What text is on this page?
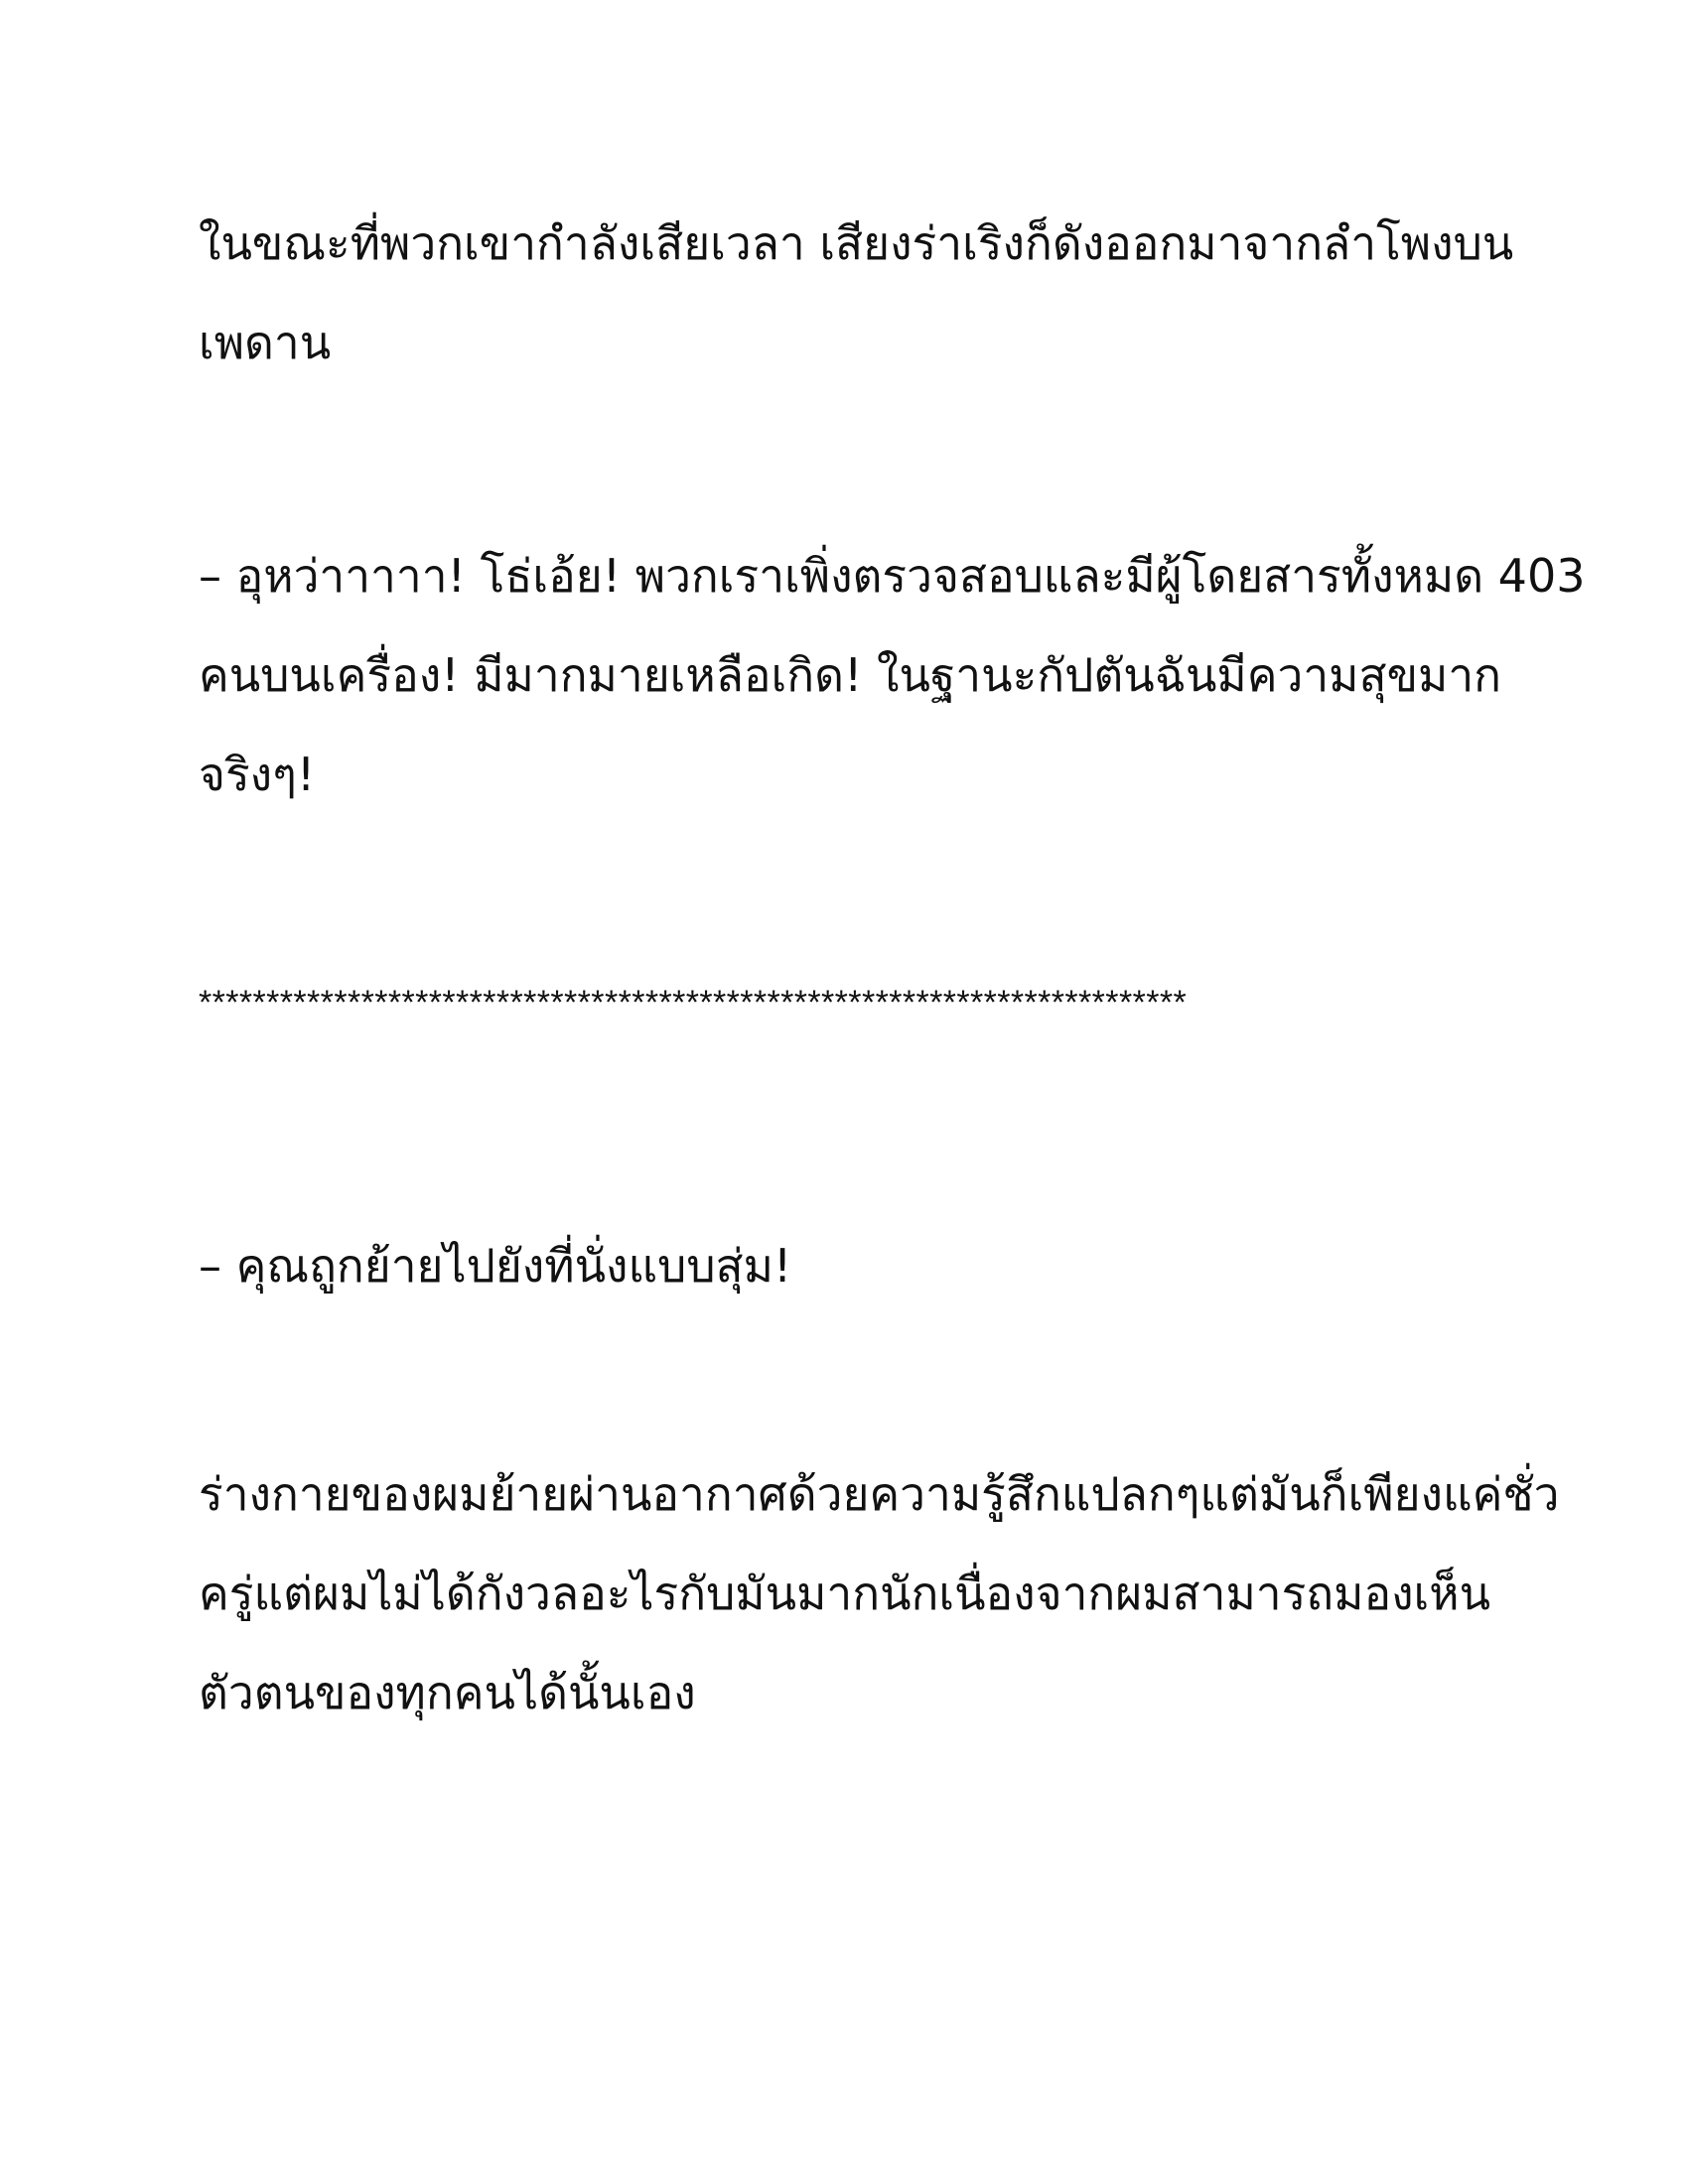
ในขณะที่พวกเขากำลังเสียเวลา เสียงร่าเริงก็ดังออกมาจากลำโพงบน
เพดาน

– อุหว่าาาาา! โธ่เอ้ย! พวกเราเพิ่งตรวจสอบและมีผู้โดยสารทั้งหมด 403
คนบนเครื่อง! มีมากมายเหลือเกิด! ในฐานะกัปตันฉันมีความสุขมาก
จริงๆ!

*************************************************************************

– คุณถูกย้ายไปยังที่นั่งแบบสุ่ม!

ร่างกายของผมย้ายผ่านอากาศด้วยความรู้สึกแปลกๆแต่มันก็เพียงแค่ชั่ว
ครู่แต่ผมไม่ได้กังวลอะไรกับมันมากนักเนื่องจากผมสามารถมองเห็น
ตัวตนของทุกคนได้นั้นเอง
